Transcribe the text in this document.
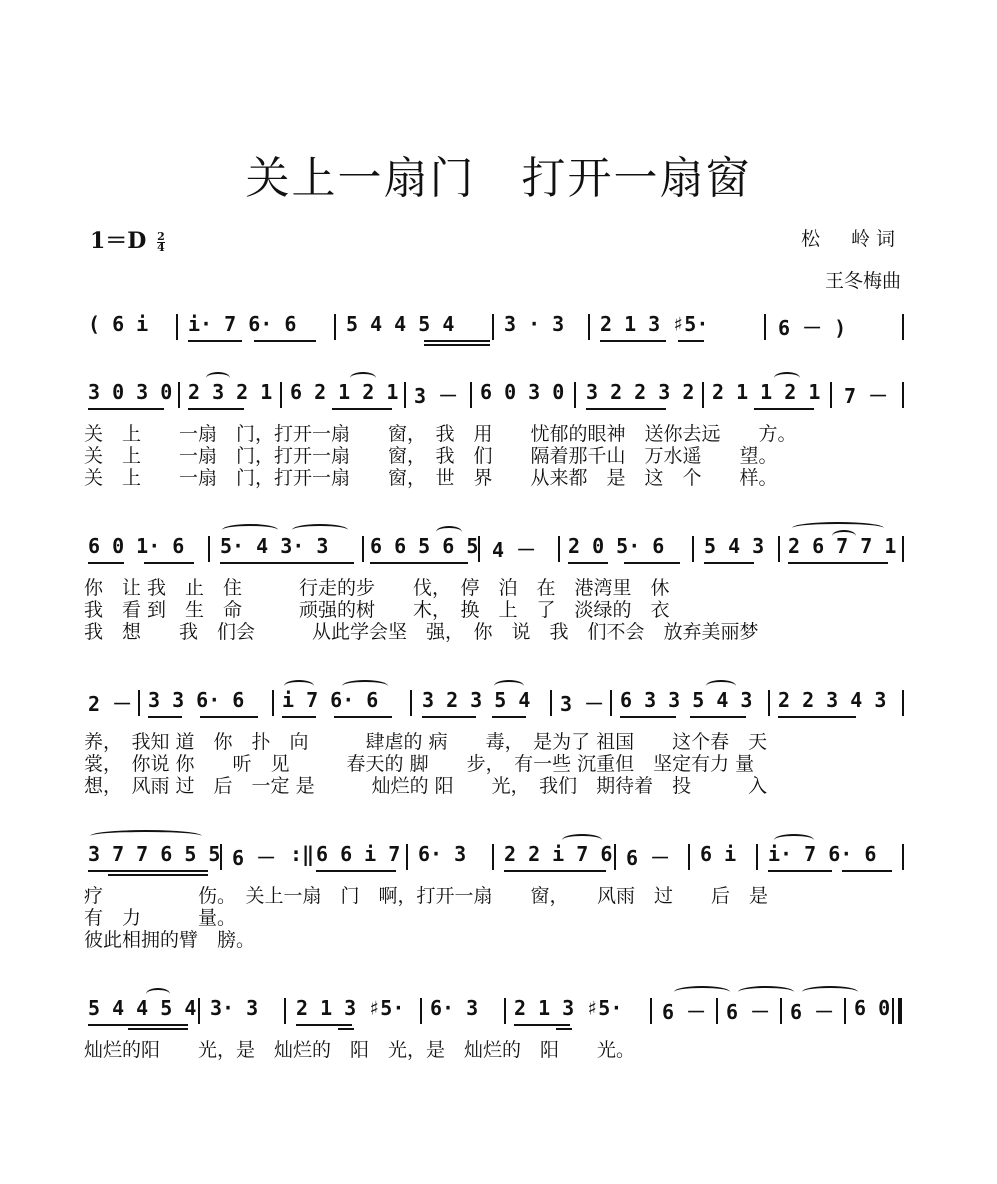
关上一扇门 打开一扇窗
$1=D \frac{2}{4}$	松　岭词
王冬梅曲
( 6 i i· 7 6· 6 5 4 4 5 4 3 · 3 2 1 3 ♯5·	6 － )
3 0 3 0 2 3 2 1 6 2 1 2 1 3 － 6 0 3 0 3 2 2 3 2 2 1 1 2 1 7 －
关　上　　一扇　门，打开一扇　　窗，　我　用　　忧郁的眼神　送你去远　　方。
关　上　　一扇　门，打开一扇　　窗，　我　们　　隔着那千山　万水遥　　望。
关　上　　一扇　门，打开一扇　　窗，　世　界　　从来都　是　这　个　　样。
6 0 1· 6 5· 4 3· 3 6 6 5 6 5 4 － 2 0 5· 6 5 4 3 2 6 7 7 1
你　让 我　止　住　　　行走的步　　伐，　停　泊　在　港湾里　休
我　看 到　生　命　　　顽强的树　　木，　换　上　了　淡绿的　衣
我　想　　我　们会　　　从此学会坚　强，　你　说　我　们不会　放弃美丽梦
2 － 3 3 6· 6 i 7 6· 6 3 2 3 5 4 3 － 6 3 3 5 4 3 2 2 3 4 3
养，　我知 道　你　扑　向　　　肆虐的 病　　毒，　是为了 祖国　　这个春　天
裳，　你说 你　　听　见　　　春天的 脚　　步，　有一些 沉重但　坚定有力 量
想，　风雨 过　后　一定 是　　　灿烂的 阳　　光，　我们　期待着　投　　　入
3 7 7 6 5 5 6 － :‖ 6 6 i 7 6· 3 2 2 i 7 6 6 － 6 i i· 7 6· 6
疗　　　　　伤。　关上一扇　门　啊，打开一扇　　窗，　　风雨　过　　后　是
有　力　　　量。
彼此相拥的臂　膀。
5 4 4 5 4 3· 3 2 1 3 ♯5· 6· 3 2 1 3 ♯5· 6 － 6 － 6 － 6 0
灿烂的阳　　光，是　灿烂的　阳　光，是　灿烂的　阳　　光。
